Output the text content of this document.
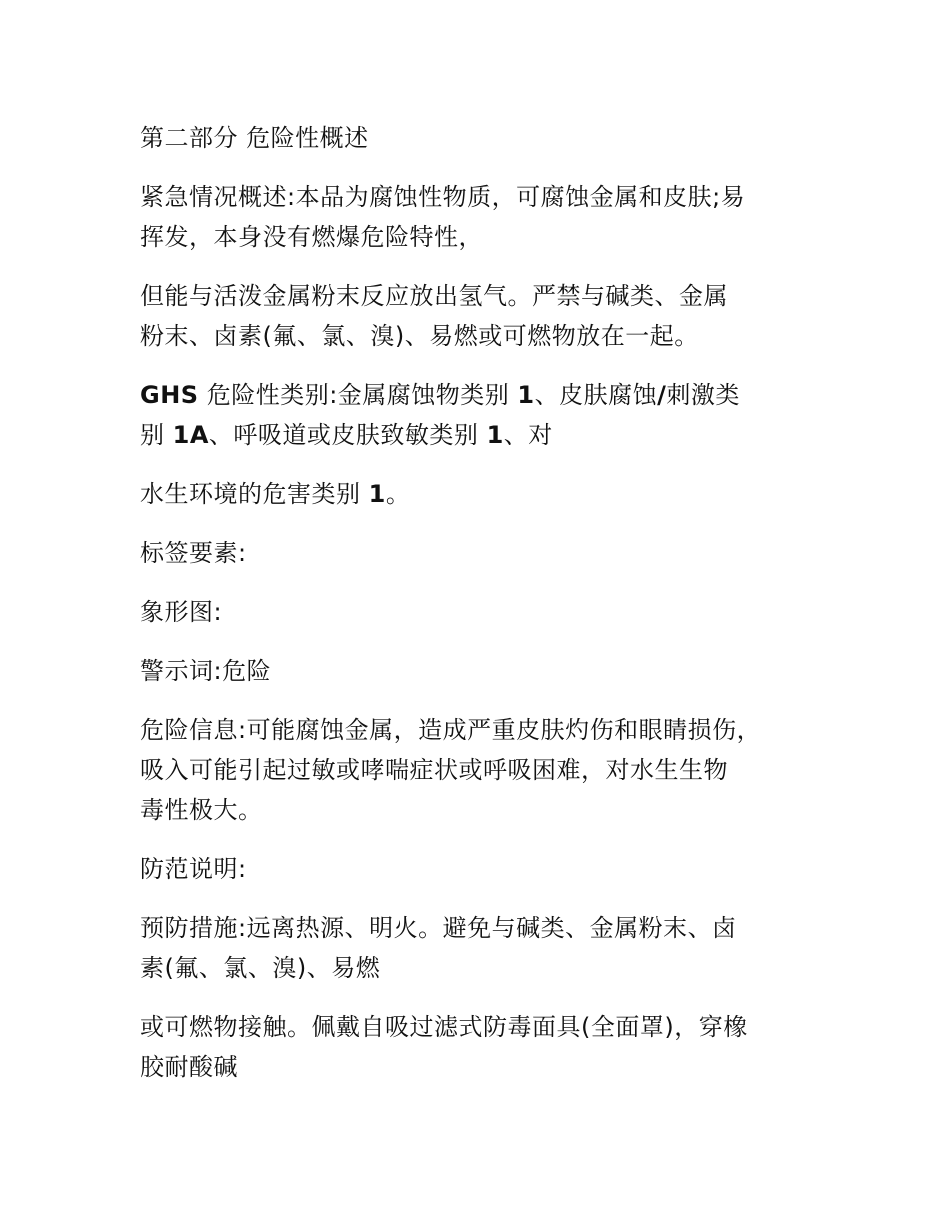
第二部分 危险性概述

紧急情况概述:本品为腐蚀性物质，可腐蚀金属和皮肤;易
挥发，本身没有燃爆危险特性，

但能与活泼金属粉末反应放出氢气。严禁与碱类、金属
粉末、卤素(氟、氯、溴)、易燃或可燃物放在一起。

GHS 危险性类别:金属腐蚀物类别 1、皮肤腐蚀/刺激类
别 1A、呼吸道或皮肤致敏类别 1、对

水生环境的危害类别 1。

标签要素:

象形图:

警示词:危险

危险信息:可能腐蚀金属，造成严重皮肤灼伤和眼睛损伤，
吸入可能引起过敏或哮喘症状或呼吸困难，对水生生物
毒性极大。

防范说明:

预防措施:远离热源、明火。避免与碱类、金属粉末、卤
素(氟、氯、溴)、易燃

或可燃物接触。佩戴自吸过滤式防毒面具(全面罩)，穿橡
胶耐酸碱
